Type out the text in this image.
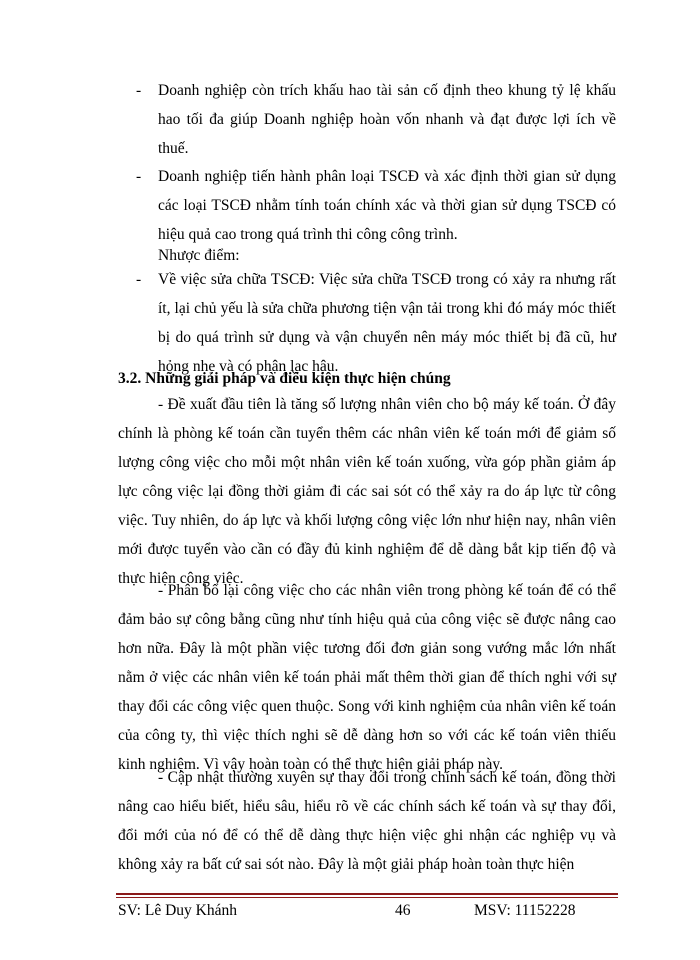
- Doanh nghiệp còn trích khấu hao tài sản cố định theo khung tỷ lệ khấu hao tối đa giúp Doanh nghiệp hoàn vốn nhanh và đạt được lợi ích về thuế.
- Doanh nghiệp tiến hành phân loại TSCĐ và xác định thời gian sử dụng các loại TSCĐ nhằm tính toán chính xác và thời gian sử dụng TSCĐ có hiệu quả cao trong quá trình thi công công trình.
Nhược điểm:
- Về việc sửa chữa TSCĐ: Việc sửa chữa TSCĐ trong có xảy ra nhưng rất ít, lại chủ yếu là sửa chữa phương tiện vận tải trong khi đó máy móc thiết bị do quá trình sử dụng và vận chuyển nên máy móc thiết bị đã cũ, hư hỏng nhẹ và có phận lạc hậu.
3.2. Những giải pháp và điều kiện thực hiện chúng
- Đề xuất đầu tiên là tăng số lượng nhân viên cho bộ máy kế toán. Ở đây chính là phòng kế toán cần tuyển thêm các nhân viên kế toán mới để giảm số lượng công việc cho mỗi một nhân viên kế toán xuống, vừa góp phần giảm áp lực công việc lại đồng thời giảm đi các sai sót có thể xảy ra do áp lực từ công việc. Tuy nhiên, do áp lực và khối lượng công việc lớn như hiện nay, nhân viên mới được tuyển vào cần có đầy đủ kinh nghiệm để dễ dàng bắt kịp tiến độ và thực hiện công việc.
- Phân bổ lại công việc cho các nhân viên trong phòng kế toán để có thể đảm bảo sự công bằng cũng như tính hiệu quả của công việc sẽ được nâng cao hơn nữa. Đây là một phần việc tương đối đơn giản song vướng mắc lớn nhất nằm ở việc các nhân viên kế toán phải mất thêm thời gian để thích nghi với sự thay đổi các công việc quen thuộc. Song với kinh nghiệm của nhân viên kế toán của công ty, thì việc thích nghi sẽ dễ dàng hơn so với các kế toán viên thiếu kinh nghiệm. Vì vậy hoàn toàn có thể thực hiện giải pháp này.
- Cập nhật thường xuyên sự thay đổi trong chính sách kế toán, đồng thời nâng cao hiểu biết, hiểu sâu, hiểu rõ về các chính sách kế toán và sự thay đổi, đổi mới của nó để có thể dễ dàng thực hiện việc ghi nhận các nghiệp vụ và không xảy ra bất cứ sai sót nào. Đây là một giải pháp hoàn toàn thực hiện
SV: Lê Duy Khánh	46	MSV: 11152228
